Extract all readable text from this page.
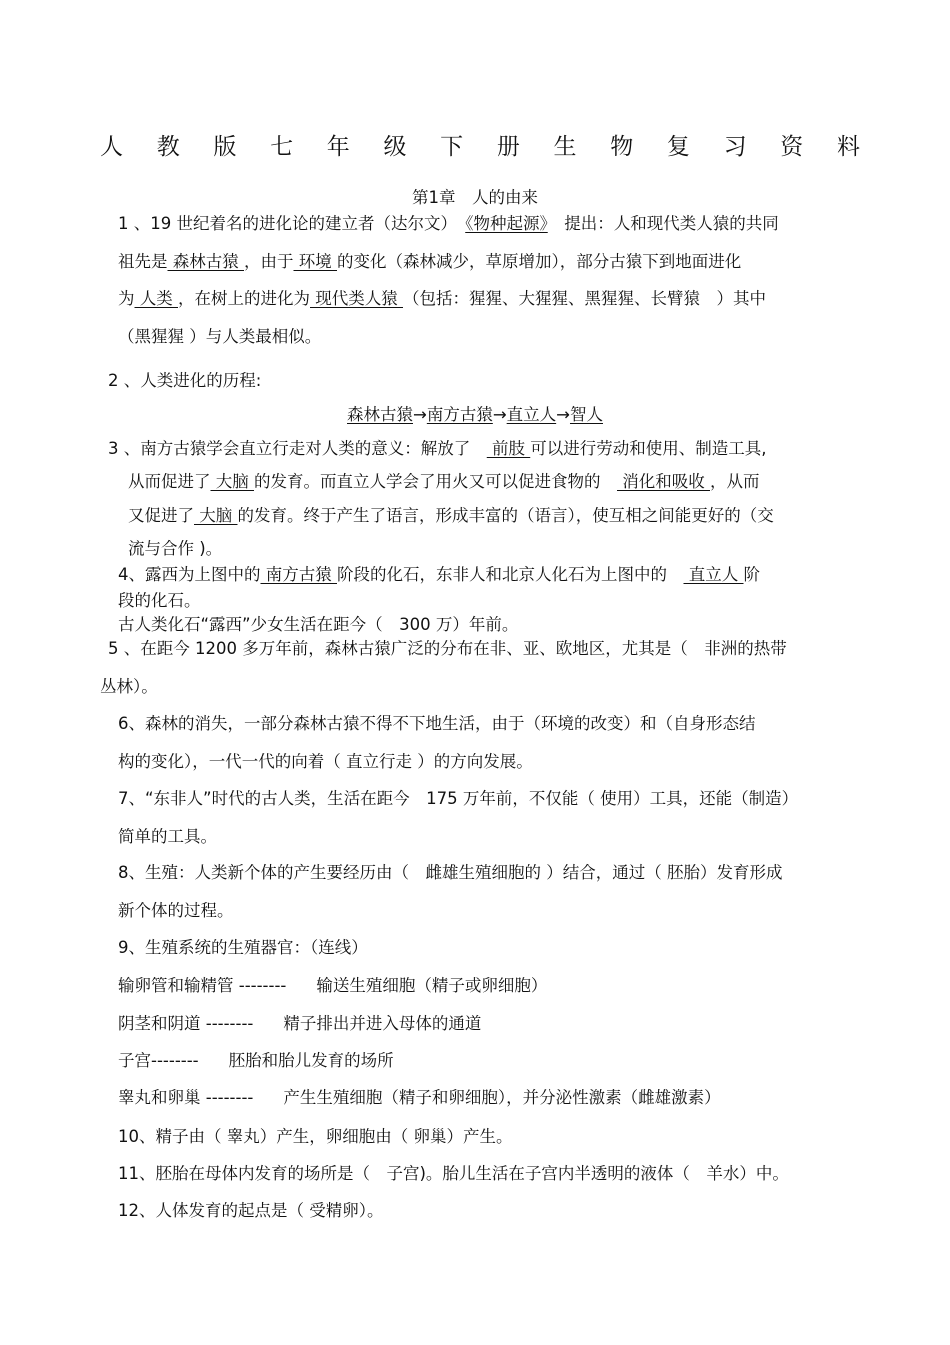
人 教 版 七 年 级 下 册 生 物 复 习 资 料
第1章　人的由来
1 、19 世纪着名的进化论的建立者（达尔文）　《物种起源》　提出：人和现代类人猿的共同
祖先是 森林古猿 ，由于 环境 的变化（森林减少，草原增加），部分古猿下到地面进化
为 人类 ，在树上的进化为 现代类人猿 （包括：猩猩、大猩猩、黑猩猩、长臂猿　）其中
（黑猩猩 ）与人类最相似。
2 、人类进化的历程:
森林古猿→南方古猿→直立人→智人
3 、南方古猿学会直立行走对人类的意义：解放了　 前肢 可以进行劳动和使用、制造工具,
从而促进了 大脑 的发育。而直立人学会了用火又可以促进食物的　 消化和吸收 ，从而
又促进了 大脑 的发育。终于产生了语言，形成丰富的（语言），使互相之间能更好的（交
流与合作 )。
4、露西为上图中的 南方古猿 阶段的化石，东非人和北京人化石为上图中的　 直立人 阶
段的化石。
古人类化石“露西”少女生活在距今（　300 万）年前。
5 、在距今 1200 多万年前，森林古猿广泛的分布在非、亚、欧地区，尤其是（　非洲的热带
丛林）。
6、森林的消失，一部分森林古猿不得不下地生活，由于（环境的改变）和（自身形态结
构的变化），一代一代的向着（ 直立行走 ）的方向发展。
7、“东非人”时代的古人类，生活在距今　175 万年前，不仅能（ 使用）工具，还能（制造）
简单的工具。
8、生殖：人类新个体的产生要经历由（　雌雄生殖细胞的 ）结合，通过（ 胚胎）发育形成
新个体的过程。
9、生殖系统的生殖器官：（连线）
输卵管和输精管 -------- 输送生殖细胞（精子或卵细胞）
阴茎和阴道 -------- 精子排出并进入母体的通道
子宫-------- 胚胎和胎儿发育的场所
睾丸和卵巢 -------- 产生生殖细胞（精子和卵细胞），并分泌性激素（雌雄激素）
10、精子由（ 睾丸）产生，卵细胞由（ 卵巢）产生。
11、胚胎在母体内发育的场所是（　子宫)。胎儿生活在子宫内半透明的液体（　羊水）中。
12、人体发育的起点是（ 受精卵）。
